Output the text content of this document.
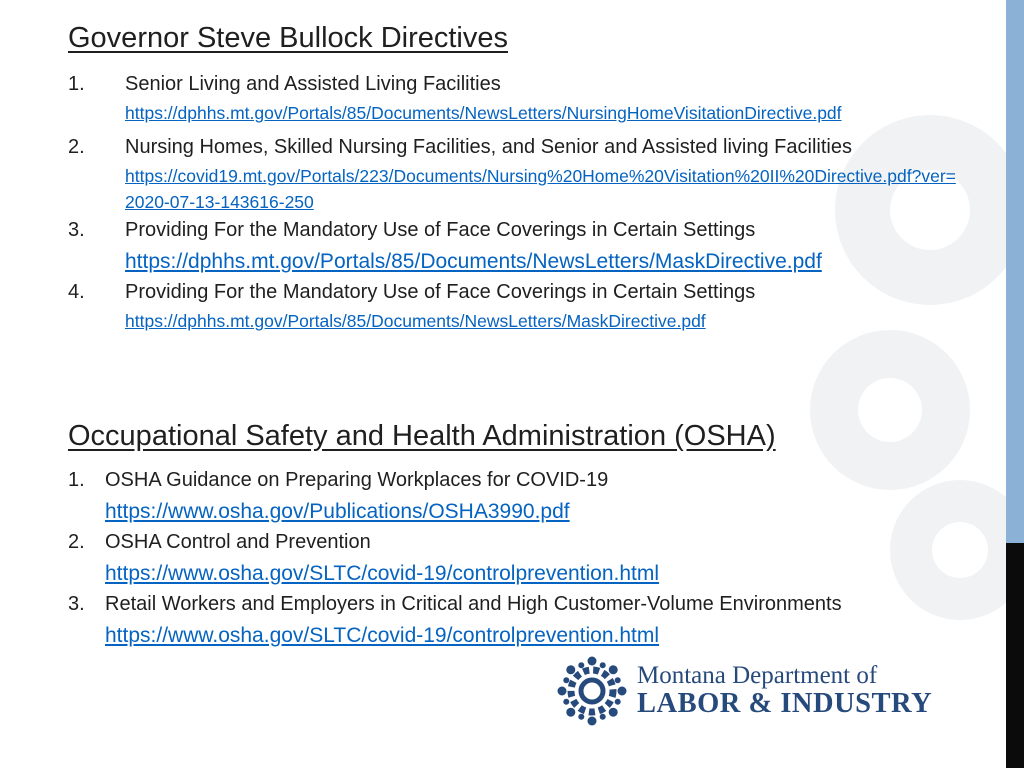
Governor Steve Bullock Directives
1.	Senior Living and Assisted Living Facilities
https://dphhs.mt.gov/Portals/85/Documents/NewsLetters/NursingHomeVisitationDirective.pdf
2.	Nursing Homes, Skilled Nursing Facilities, and Senior and Assisted living Facilities
https://covid19.mt.gov/Portals/223/Documents/Nursing%20Home%20Visitation%20II%20Directive.pdf?ver=2020-07-13-143616-250
3.	Providing For the Mandatory Use of Face Coverings in Certain Settings
https://dphhs.mt.gov/Portals/85/Documents/NewsLetters/MaskDirective.pdf
4.	Providing For the Mandatory Use of Face Coverings in Certain Settings
https://dphhs.mt.gov/Portals/85/Documents/NewsLetters/MaskDirective.pdf
Occupational Safety and Health Administration (OSHA)
1.	OSHA Guidance on Preparing Workplaces for COVID-19
https://www.osha.gov/Publications/OSHA3990.pdf
2.	OSHA Control and Prevention
https://www.osha.gov/SLTC/covid-19/controlprevention.html
3.	Retail Workers and Employers in Critical and High Customer-Volume Environments
https://www.osha.gov/SLTC/covid-19/controlprevention.html
Montana Department of
LABOR & INDUSTRY
